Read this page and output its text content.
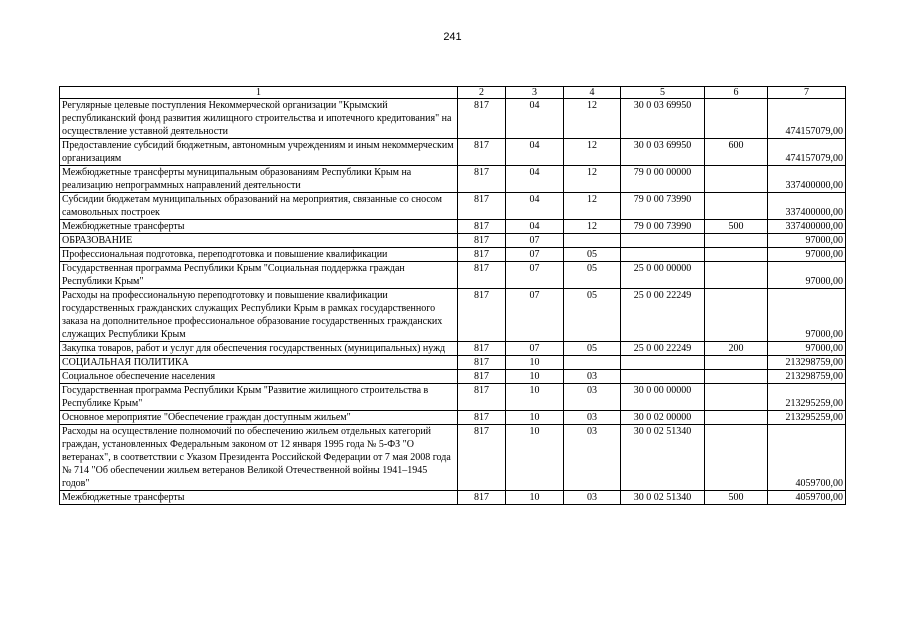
241
1	2	3	4	5	6	7
Регулярные целевые поступления Некоммерческой организации "Крымский республиканский фонд развития жилищного строительства и ипотечного кредитования" на осуществление уставной деятельности	817	04	12	30 0 03 69950		474157079,00
Предоставление субсидий бюджетным, автономным учреждениям и иным некоммерческим организациям	817	04	12	30 0 03 69950	600	474157079,00
Межбюджетные трансферты муниципальным образованиям Республики Крым на реализацию непрограммных направлений деятельности	817	04	12	79 0 00 00000		337400000,00
Субсидии бюджетам муниципальных образований на мероприятия, связанные со сносом самовольных построек	817	04	12	79 0 00 73990		337400000,00
Межбюджетные трансферты	817	04	12	79 0 00 73990	500	337400000,00
ОБРАЗОВАНИЕ	817	07				97000,00
Профессиональная подготовка, переподготовка и повышение квалификации	817	07	05			97000,00
Государственная программа Республики Крым "Социальная поддержка граждан Республики Крым"	817	07	05	25 0 00 00000		97000,00
Расходы на профессиональную переподготовку и повышение квалификации государственных гражданских служащих Республики Крым в рамках государственного заказа на дополнительное профессиональное образование государственных гражданских служащих Республики Крым	817	07	05	25 0 00 22249		97000,00
Закупка товаров, работ и услуг для обеспечения государственных (муниципальных) нужд	817	07	05	25 0 00 22249	200	97000,00
СОЦИАЛЬНАЯ ПОЛИТИКА	817	10				213298759,00
Социальное обеспечение населения	817	10	03			213298759,00
Государственная программа Республики Крым "Развитие жилищного строительства в Республике Крым"	817	10	03	30 0 00 00000		213295259,00
Основное мероприятие "Обеспечение граждан доступным жильем"	817	10	03	30 0 02 00000		213295259,00
Расходы на осуществление полномочий по обеспечению жильем отдельных категорий граждан, установленных Федеральным законом от 12 января 1995 года № 5-ФЗ "О ветеранах", в соответствии с Указом Президента Российской Федерации от 7 мая 2008 года № 714 "Об обеспечении жильем ветеранов Великой Отечественной войны 1941–1945 годов"	817	10	03	30 0 02 51340		4059700,00
Межбюджетные трансферты	817	10	03	30 0 02 51340	500	4059700,00
